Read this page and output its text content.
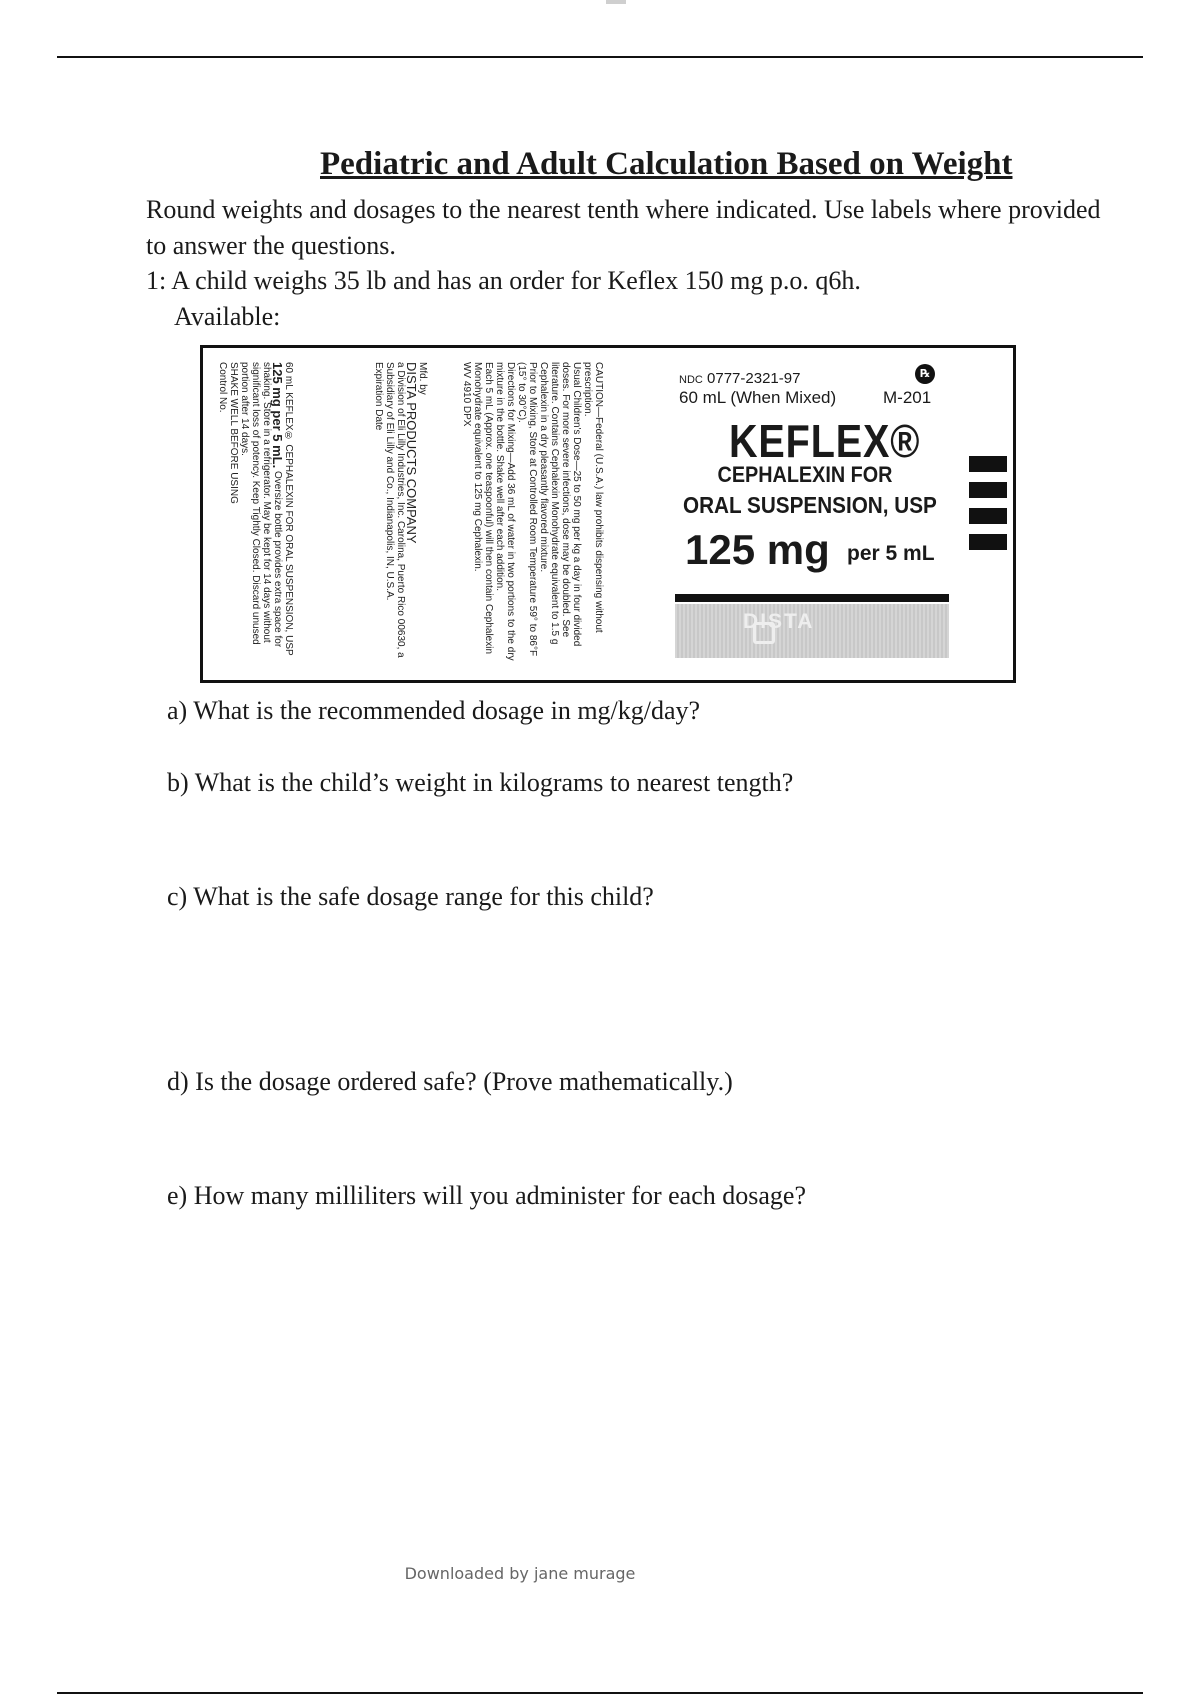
Pediatric and Adult Calculation Based on Weight
Round weights and dosages to the nearest tenth where indicated. Use labels where provided to answer the questions.
1: A child weighs 35 lb and has an order for Keflex 150 mg p.o. q6h.
Available:
60 mL KEFLEX® CEPHALEXIN FOR ORAL SUSPENSION, USP 125 mg per 5 mL. Oversize bottle provides extra space for shaking. Store in a refrigerator. May be kept for 14 days without significant loss of potency. Keep Tightly Closed. Discard unused portion after 14 days.
SHAKE WELL BEFORE USING
Control No.	Mfd. by
DISTA PRODUCTS COMPANY
a Division of Eli Lilly Industries, Inc. Carolina, Puerto Rico 00630, a Subsidiary of Eli Lilly and Co., Indianapolis, IN, U.S.A.
Expiration Date	CAUTION—Federal (U.S.A.) law prohibits dispensing without prescription.
Usual Children's Dose—25 to 50 mg per kg a day in four divided doses. For more severe infections, dose may be doubled. See literature. Contains Cephalexin Monohydrate equivalent to 1.5 g Cephalexin in a dry pleasantly flavored mixture.
Prior to Mixing, Store at Controlled Room Temperature 59° to 86°F (15° to 30°C).
Directions for Mixing—Add 36 mL of water in two portions to the dry mixture in the bottle. Shake well after each addition.
Each 5 mL (Approx. one teaspoonful) will then contain Cephalexin Monohydrate equivalent to 125 mg Cephalexin.
WV 4910 DPX	NDC 0777-2321-97	℞
60 mL (When Mixed)	M-201
KEFLEX®
CEPHALEXIN FOR
ORAL SUSPENSION, USP
125 mg per 5 mL
DISTA
a) What is the recommended dosage in mg/kg/day?
b) What is the child’s weight in kilograms to nearest tength?
c) What is the safe dosage range for this child?
d) Is the dosage ordered safe? (Prove mathematically.)
e) How many milliliters will you administer for each dosage?
Downloaded by jane murage
